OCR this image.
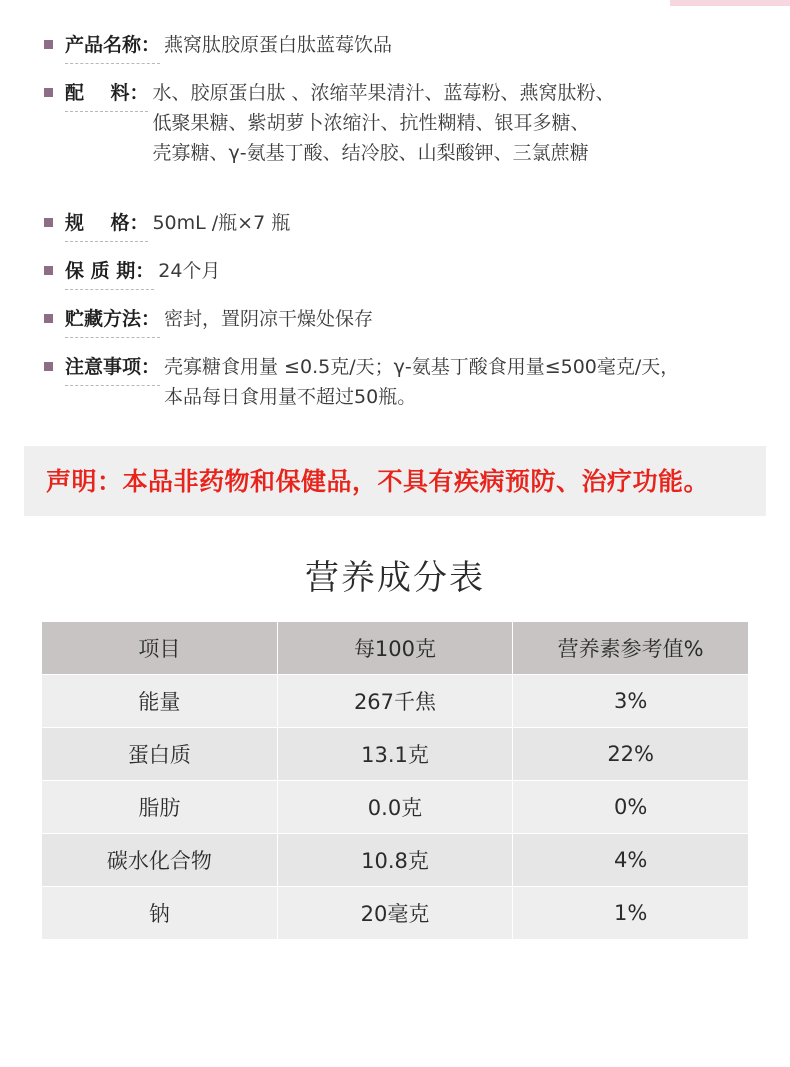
产品名称： 燕窝肽胶原蛋白肽蓝莓饮品
配    料： 水、胶原蛋白肽 、浓缩苹果清汁、蓝莓粉、燕窝肽粉、
低聚果糖、紫胡萝卜浓缩汁、抗性糊精、银耳多糖、
壳寡糖、γ-氨基丁酸、结冷胶、山梨酸钾、三氯蔗糖
规    格： 50mL /瓶×7 瓶
保 质 期： 24个月
贮藏方法： 密封，置阴凉干燥处保存
注意事项： 壳寡糖食用量 ≤0.5克/天；γ-氨基丁酸食用量≤500毫克/天，
本品每日食用量不超过50瓶。
声明：本品非药物和保健品，不具有疾病预防、治疗功能。
营养成分表
项目	每100克	营养素参考值%
能量	267千焦	3%
蛋白质	13.1克	22%
脂肪	0.0克	0%
碳水化合物	10.8克	4%
钠	20毫克	1%
